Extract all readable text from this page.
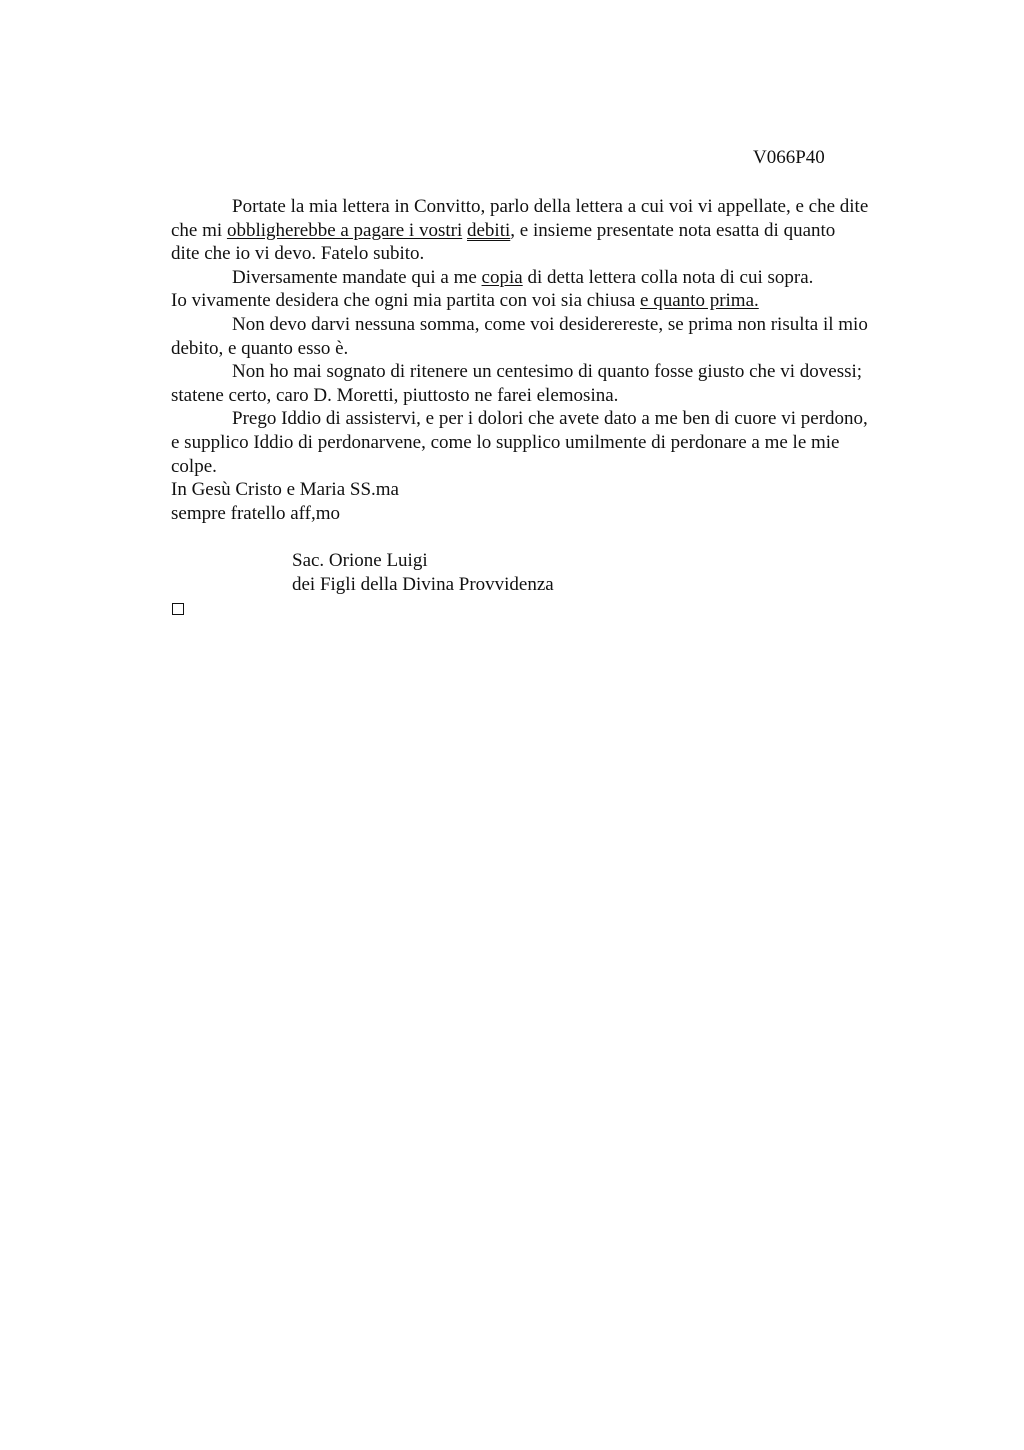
V066P40

Portate la mia lettera in Convitto, parlo della lettera a cui voi vi appellate, e che dite

che mi obbligherebbe a pagare i vostri debiti, e insieme presentate nota esatta di quanto

dite che io vi devo. Fatelo subito.

Diversamente mandate qui a me copia di detta lettera colla nota di cui sopra.

Io vivamente desidera che ogni mia partita con voi sia chiusa e quanto prima.

Non devo darvi nessuna somma, come voi desiderereste, se prima non risulta il mio

debito, e quanto esso è.

Non ho mai sognato di ritenere un centesimo di quanto fosse giusto che vi dovessi;

statene certo, caro D. Moretti, piuttosto ne farei elemosina.

Prego Iddio di assistervi, e per i dolori che avete dato a me ben di cuore vi perdono,

e supplico Iddio di perdonarvene, come lo supplico umilmente di perdonare a me le mie

colpe.

In Gesù Cristo e Maria SS.ma

sempre fratello aff,mo

Sac. Orione Luigi

dei Figli della Divina Provvidenza
